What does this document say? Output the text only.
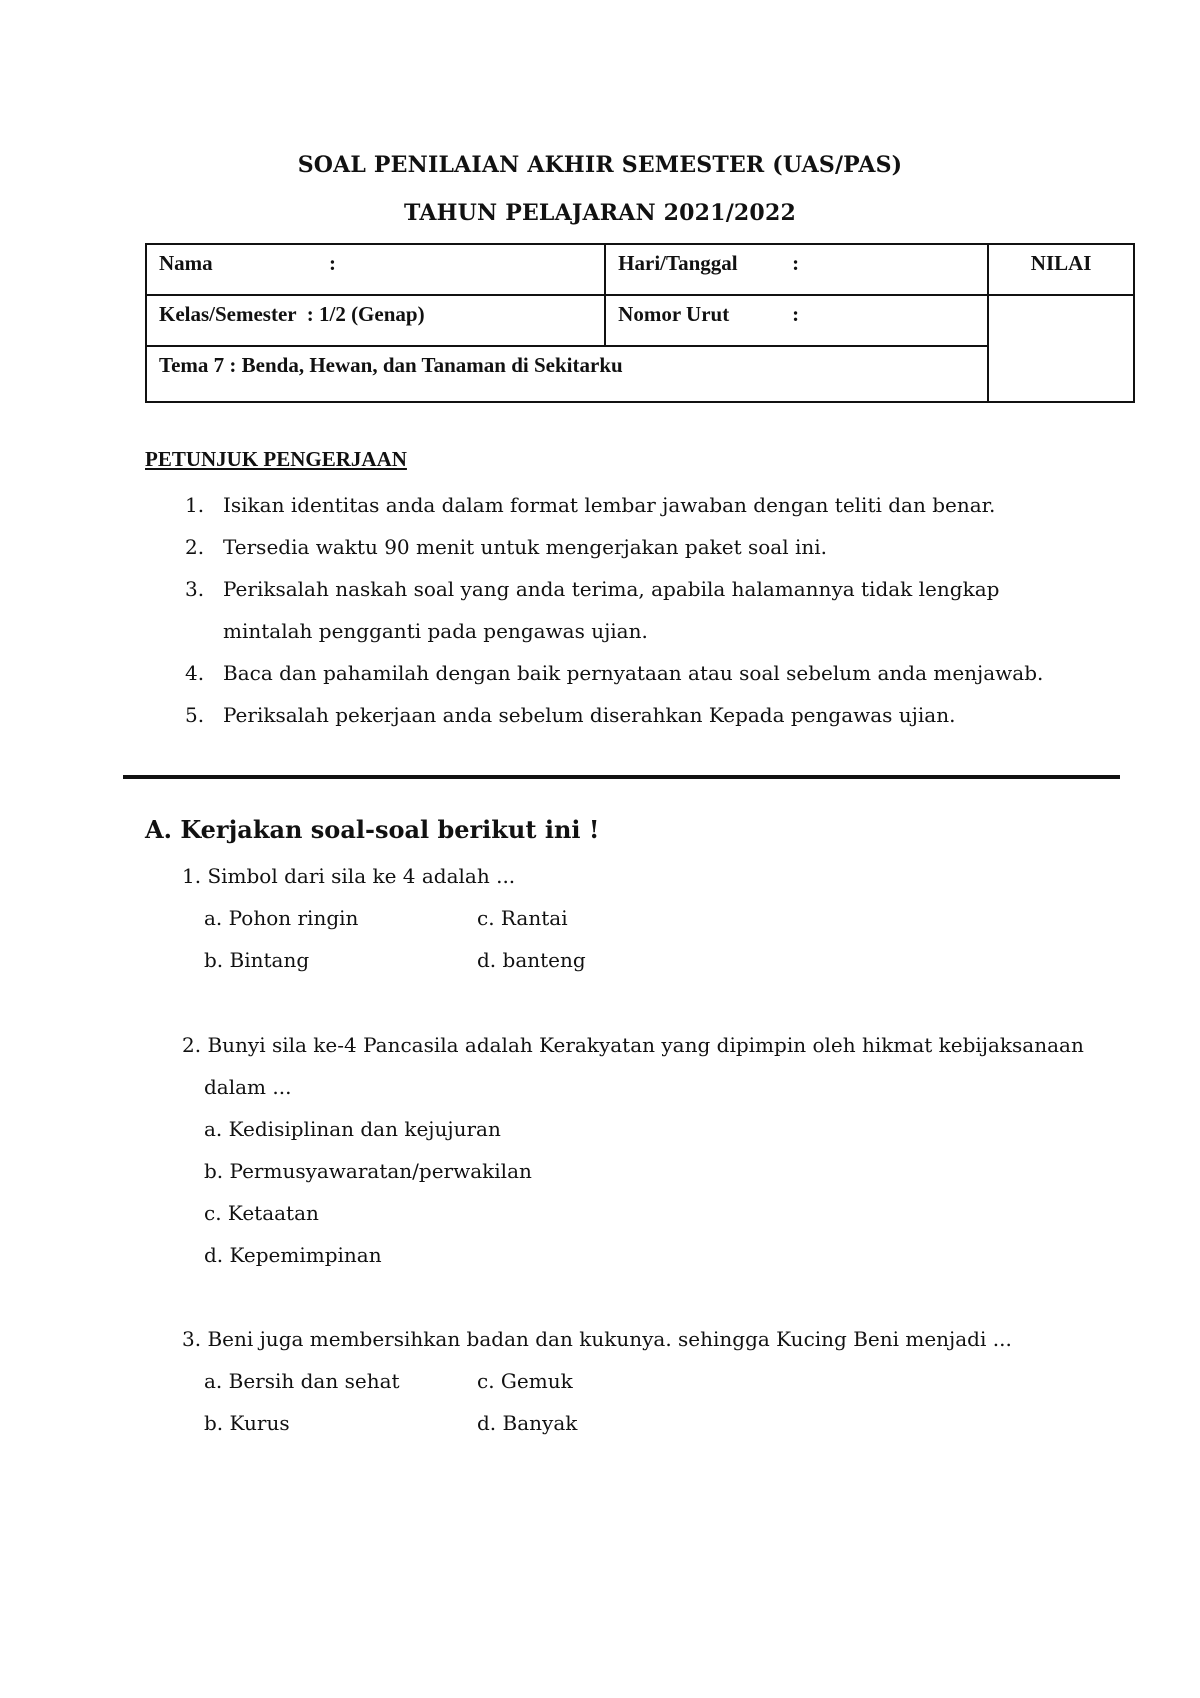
SOAL PENILAIAN AKHIR SEMESTER (UAS/PAS)
TAHUN PELAJARAN 2021/2022
Nama :	Hari/Tanggal :	NILAI
Kelas/Semester  : 1/2 (Genap)	Nomor Urut :	
Tema 7 : Benda, Hewan, dan Tanaman di Sekitarku		
PETUNJUK PENGERJAAN
1. Isikan identitas anda dalam format lembar jawaban dengan teliti dan benar.
2. Tersedia waktu 90 menit untuk mengerjakan paket soal ini.
3. Periksalah naskah soal yang anda terima, apabila halamannya tidak lengkap mintalah pengganti pada pengawas ujian.
4. Baca dan pahamilah dengan baik pernyataan atau soal sebelum anda menjawab.
5. Periksalah pekerjaan anda sebelum diserahkan Kepada pengawas ujian.
A. Kerjakan soal-soal berikut ini !
1. Simbol dari sila ke 4 adalah ...
a. Pohon ringin	c. Rantai
b. Bintang	d. banteng
2. Bunyi sila ke-4 Pancasila adalah Kerakyatan yang dipimpin oleh hikmat kebijaksanaan dalam ...
a. Kedisiplinan dan kejujuran
b. Permusyawaratan/perwakilan
c. Ketaatan
d. Kepemimpinan
3. Beni juga membersihkan badan dan kukunya. sehingga Kucing Beni menjadi ...
a. Bersih dan sehat	c. Gemuk
b. Kurus	d. Banyak
